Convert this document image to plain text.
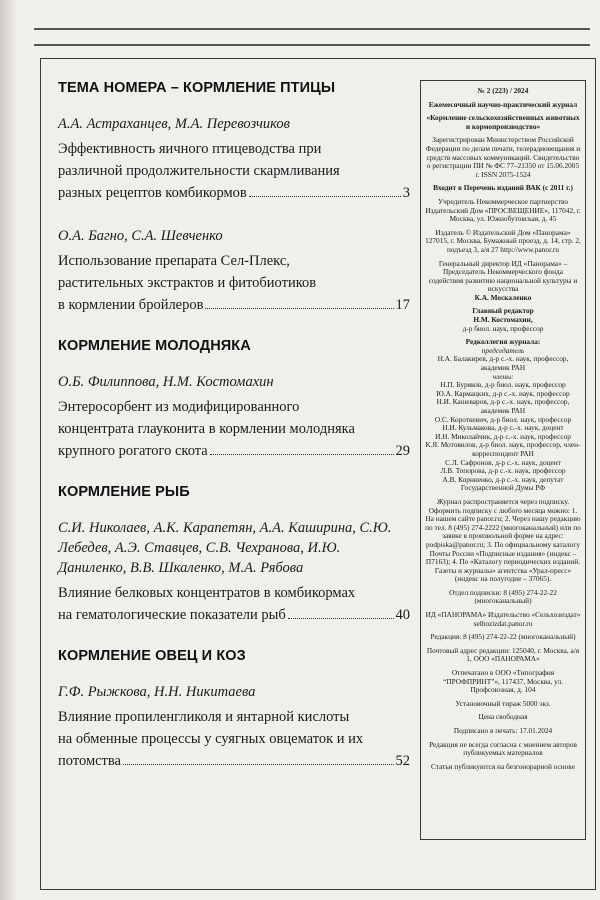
ТЕМА НОМЕРА – КОРМЛЕНИЕ ПТИЦЫ
А.А. Астраханцев, М.А. Перевозчиков
Эффективность яичного птицеводства при
различной продолжительности скармливания
разных рецептов комбикормов	3
О.А. Багно, С.А. Шевченко
Использование препарата Сел-Плекс,
растительных экстрактов и фитобиотиков
в кормлении бройлеров	17
КОРМЛЕНИЕ МОЛОДНЯКА
О.Б. Филиппова, Н.М. Костомахин
Энтеросорбент из модифицированного
концентрата глауконита в кормлении молодняка
крупного рогатого скота	29
КОРМЛЕНИЕ РЫБ
С.И. Николаев, А.К. Карапетян, А.А. Каширина, С.Ю. Лебедев, А.Э. Ставцев, С.В. Чехранова, И.Ю. Даниленко, В.В. Шкаленко, М.А. Рябова
Влияние белковых концентратов в комбикормах
на гематологические показатели рыб	40
КОРМЛЕНИЕ ОВЕЦ И КОЗ
Г.Ф. Рыжкова, Н.Н. Никитаева
Влияние пропиленгликоля и янтарной кислоты
на обменные процессы у суягных овцематок и их
потомства	52

№ 2 (223) / 2024

Ежемесячный научно-практический журнал

«Кормление сельскохозяйственных животных и кормопроизводство»

Зарегистрирован Министерством Российской Федерации по делам печати, телерадиовещания и средств массовых коммуникаций. Свидетельство о регистрации ПИ № ФС 77–21350 от 15.06.2005 г. ISSN 2075-1524

Входит в Перечень изданий ВАК (с 2011 г.)

Учредитель Некоммерческое партнерство Издательский Дом «ПРОСВЕЩЕНИЕ», 117042, г. Москва, ул. Южнобутовская, д. 45

Издатель © Издательский Дом «Панорама» 127015, г. Москва, Бумажный проезд, д. 14, стр. 2, подъезд 3, а/я 27 http://www.panor.ru

Генеральный директор ИД «Панорама» – Председатель Некоммерческого фонда содействия развитию национальной культуры и искусства

К.А. Москаленко

Главный редактор

Н.М. Костомахин,

д-р биол. наук, профессор

Редколлегия журнала:

председатель

Н.А. Балакирев, д-р с.-х. наук, профессор, академик РАН

члены:

Н.П. Буряков, д-р биол. наук, профессор
Ю.А. Кармацких, д-р с.-х. наук, профессор
Н.И. Кашеваров, д-р с.-х. наук, профессор, академик РАН
О.С. Короткевич, д-р биол. наук, профессор
Н.И. Кульмакова, д-р с.-х. наук, доцент
И.Н. Миколайчик, д-р с.-х. наук, профессор
К.Я. Мотовилов, д-р биол. наук, профессор, член-корреспондент РАН
С.Л. Сафронов, д-р с.-х. наук, доцент
Л.В. Топорова, д-р с.-х. наук, профессор
А.В. Корниенко, д-р с.-х. наук, депутат Государственной Думы РФ

Журнал распространяется через подписку. Оформить подписку с любого месяца можно: 1. На нашем сайте panor.ru; 2. Через нашу редакцию по тел. 8 (495) 274-2222 (многоканальный) или по заявке в произвольной форме на адрес: podpiska@panor.ru; 3. По официальному каталогу Почты России «Подписные издания» (индекс – П7163); 4. По «Каталогу периодических изданий. Газеты и журналы» агентства «Урал-пресс» (индекс на полугодие – 37065).

Отдел подписки: 8 (495) 274-22-22 (многоканальный)

ИД «ПАНОРАМА» Издательство «Сельхозиздат» selhozizdat.panor.ru

Редакция: 8 (495) 274-22-22 (многоканальный)

Почтовый адрес редакции: 125040, г. Москва, а/я 1, ООО «ПАНОРАМА»

Отпечатано в ООО «Типография “ПРОФПРИНТ”», 117437, Москва, ул. Профсоюзная, д. 104

Установочный тираж 5000 экз.

Цена свободная

Подписано в печать: 17.01.2024

Редакция не всегда согласна с мнением авторов публикуемых материалов

Статьи публикуются на безгонорарной основе
